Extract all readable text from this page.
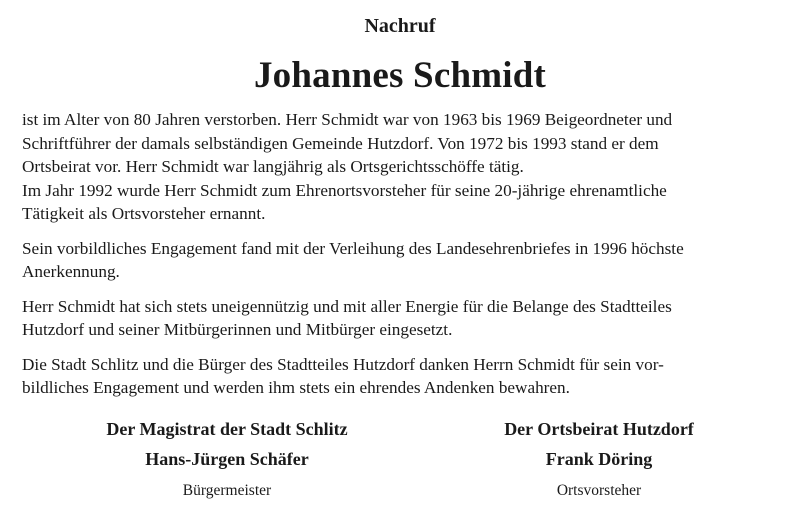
Nachruf
Johannes Schmidt

ist im Alter von 80 Jahren verstorben. Herr Schmidt war von 1963 bis 1969 Beigeordneter und
Schriftführer der damals selbständigen Gemeinde Hutzdorf. Von 1972 bis 1993 stand er dem
Ortsbeirat vor. Herr Schmidt war langjährig als Ortsgerichtsschöffe tätig.
Im Jahr 1992 wurde Herr Schmidt zum Ehrenortsvorsteher für seine 20-jährige ehrenamtliche
Tätigkeit als Ortsvorsteher ernannt.

Sein vorbildliches Engagement fand mit der Verleihung des Landesehrenbriefes in 1996 höchste
Anerkennung.

Herr Schmidt hat sich stets uneigennützig und mit aller Energie für die Belange des Stadtteiles
Hutzdorf und seiner Mitbürgerinnen und Mitbürger eingesetzt.

Die Stadt Schlitz und die Bürger des Stadtteiles Hutzdorf danken Herrn Schmidt für sein vor-
bildliches Engagement und werden ihm stets ein ehrendes Andenken bewahren.

Der Magistrat der Stadt Schlitz
Hans-Jürgen Schäfer
Bürgermeister
Der Ortsbeirat Hutzdorf
Frank Döring
Ortsvorsteher
